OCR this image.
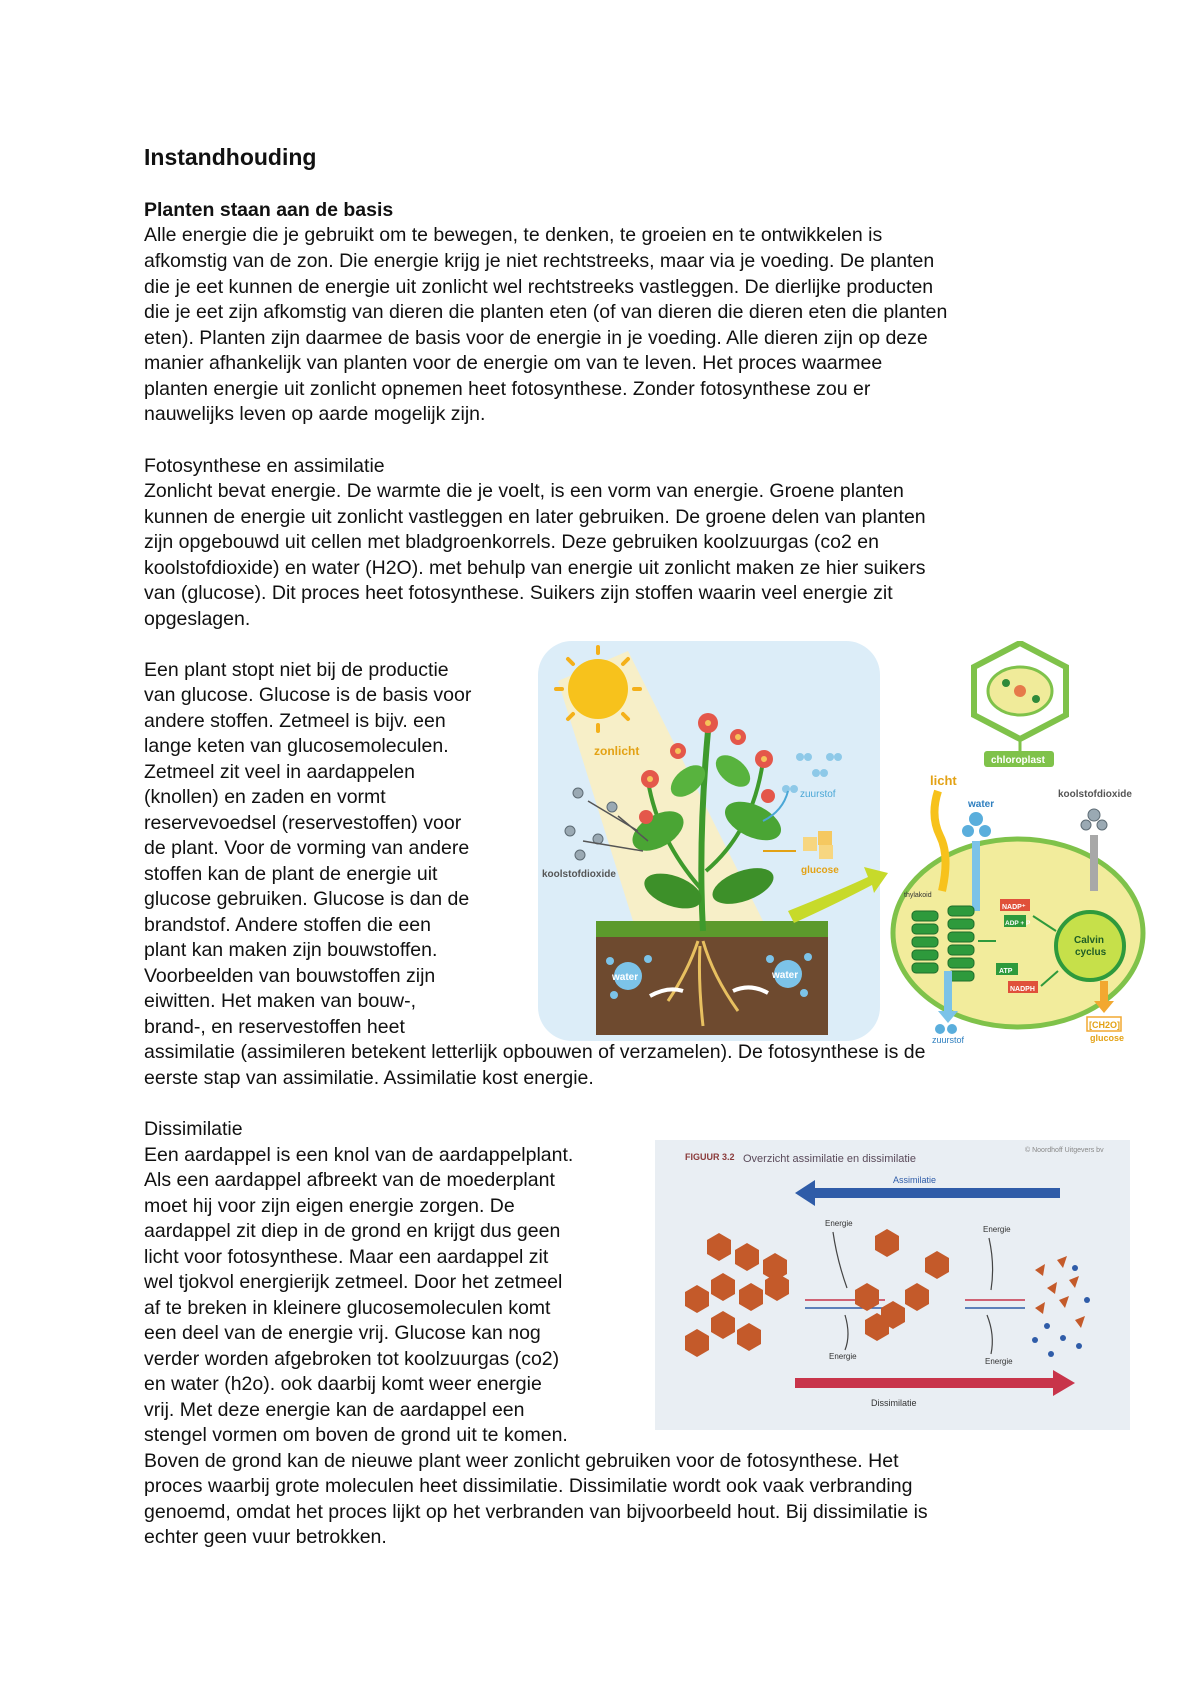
Instandhouding
Planten staan aan de basis
Alle energie die je gebruikt om te bewegen, te denken, te groeien en te ontwikkelen is
afkomstig van de zon. Die energie krijg je niet rechtstreeks, maar via je voeding. De planten
die je eet kunnen de energie uit zonlicht wel rechtstreeks vastleggen. De dierlijke producten
die je eet zijn afkomstig van dieren die planten eten (of van dieren die dieren eten die planten
eten). Planten zijn daarmee de basis voor de energie in je voeding. Alle dieren zijn op deze
manier afhankelijk van planten voor de energie om van te leven. Het proces waarmee
planten energie uit zonlicht opnemen heet fotosynthese. Zonder fotosynthese zou er
nauwelijks leven op aarde mogelijk zijn.
Fotosynthese en assimilatie
Zonlicht bevat energie. De warmte die je voelt, is een vorm van energie. Groene planten
kunnen de energie uit zonlicht vastleggen en later gebruiken. De groene delen van planten
zijn opgebouwd uit cellen met bladgroenkorrels. Deze gebruiken koolzuurgas (co2 en
koolstofdioxide) en water (H2O). met behulp van energie uit zonlicht maken ze hier suikers
van (glucose). Dit proces heet fotosynthese. Suikers zijn stoffen waarin veel energie zit
opgeslagen.
Een plant stopt niet bij de productie
van glucose. Glucose is de basis voor
andere stoffen. Zetmeel is bijv. een
lange keten van glucosemoleculen.
Zetmeel zit veel in aardappelen
(knollen) en zaden en vormt
reservevoedsel (reservestoffen) voor
de plant. Voor de vorming van andere
stoffen kan de plant de energie uit
glucose gebruiken. Glucose is dan de
brandstof. Andere stoffen die een
plant kan maken zijn bouwstoffen.
Voorbeelden van bouwstoffen zijn
eiwitten. Het maken van bouw-,
brand-, en reservestoffen heet
assimilatie (assimileren betekent letterlijk opbouwen of verzamelen). De fotosynthese is de
eerste stap van assimilatie. Assimilatie kost energie.
zonlicht
water	water
koolstofdioxide
zuurstof
glucose
chloroplast
licht
water
koolstofdioxide
thylakoid
NADP⁺
ADP + P
ATP
NADPH
Calvin
cyclus
zuurstof
[CH2O]
glucose
Dissimilatie
Een aardappel is een knol van de aardappelplant.
Als een aardappel afbreekt van de moederplant
moet hij voor zijn eigen energie zorgen. De
aardappel zit diep in de grond en krijgt dus geen
licht voor fotosynthese. Maar een aardappel zit
wel tjokvol energierijk zetmeel. Door het zetmeel
af te breken in kleinere glucosemoleculen komt
een deel van de energie vrij. Glucose kan nog
verder worden afgebroken tot koolzuurgas (co2)
en water (h2o). ook daarbij komt weer energie
vrij. Met deze energie kan de aardappel een
stengel vormen om boven de grond uit te komen.
Boven de grond kan de nieuwe plant weer zonlicht gebruiken voor de fotosynthese. Het
proces waarbij grote moleculen heet dissimilatie. Dissimilatie wordt ook vaak verbranding
genoemd, omdat het proces lijkt op het verbranden van bijvoorbeeld hout. Bij dissimilatie is
echter geen vuur betrokken.
FIGUUR 3.2 Overzicht assimilatie en dissimilatie
© Noordhoff Uitgevers bv
Assimilatie
Dissimilatie
Energie
Energie
Energie
Energie
